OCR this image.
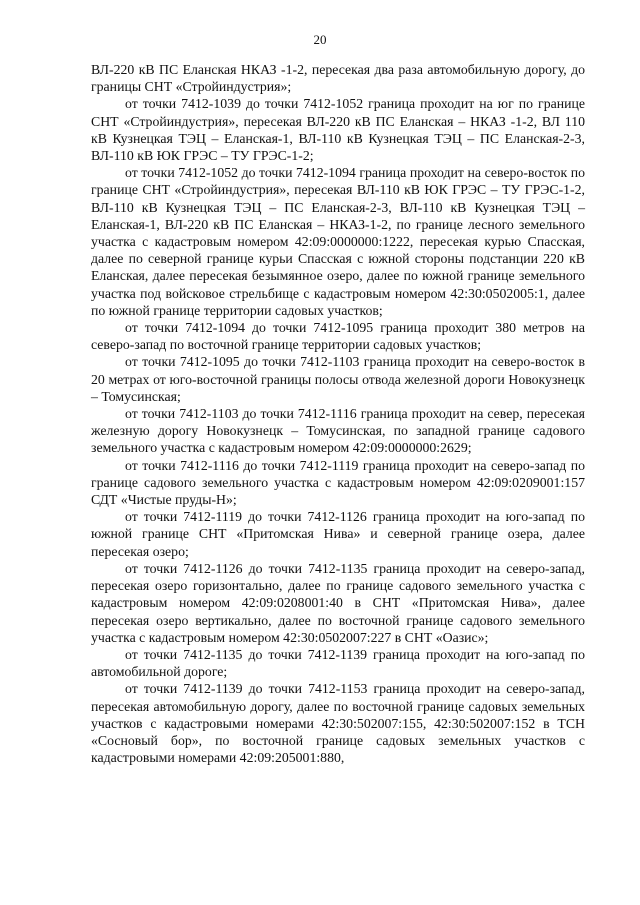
20

ВЛ-220 кВ ПС Еланская НКАЗ -1-2, пересекая два раза автомобильную дорогу, до границы СНТ «Стройиндустрия»;

от точки 7412-1039 до точки 7412-1052 граница проходит на юг по границе СНТ «Стройиндустрия», пересекая ВЛ-220 кВ ПС Еланская – НКАЗ -1-2, ВЛ 110 кВ Кузнецкая ТЭЦ – Еланская-1, ВЛ-110 кВ Кузнецкая ТЭЦ – ПС Еланская-2-3, ВЛ-110 кВ ЮК ГРЭС – ТУ ГРЭС-1-2;

от точки 7412-1052 до точки 7412-1094 граница проходит на северо-восток по границе СНТ «Стройиндустрия», пересекая ВЛ-110 кВ ЮК ГРЭС – ТУ ГРЭС-1-2, ВЛ-110 кВ Кузнецкая ТЭЦ – ПС Еланская-2-3, ВЛ-110 кВ Кузнецкая ТЭЦ – Еланская-1, ВЛ-220 кВ ПС Еланская – НКАЗ-1-2, по границе лесного земельного участка с кадастровым номером 42:09:0000000:1222, пересекая курью Спасская, далее по северной границе курьи Спасская с южной стороны подстанции 220 кВ Еланская, далее пересекая безымянное озеро, далее по южной границе земельного участка под войсковое стрельбище с кадастровым номером 42:30:0502005:1, далее по южной границе территории садовых участков;

от точки 7412-1094 до точки 7412-1095 граница проходит 380 метров на северо-запад по восточной границе территории садовых участков;

от точки 7412-1095 до точки 7412-1103 граница проходит на северо-восток в 20 метрах от юго-восточной границы полосы отвода железной дороги Новокузнецк – Томусинская;

от точки 7412-1103 до точки 7412-1116 граница проходит на север, пересекая железную дорогу Новокузнецк – Томусинская, по западной границе садового земельного участка с кадастровым номером 42:09:0000000:2629;

от точки 7412-1116 до точки 7412-1119 граница проходит на северо-запад по границе садового земельного участка с кадастровым номером 42:09:0209001:157 СДТ «Чистые пруды-Н»;

от точки 7412-1119 до точки 7412-1126 граница проходит на юго-запад по южной границе СНТ «Притомская Нива» и северной границе озера, далее пересекая озеро;

от точки 7412-1126 до точки 7412-1135 граница проходит на северо-запад, пересекая озеро горизонтально, далее по границе садового земельного участка с кадастровым номером 42:09:0208001:40 в СНТ «Притомская Нива», далее пересекая озеро вертикально, далее по восточной границе садового земельного участка с кадастровым номером 42:30:0502007:227 в СНТ «Оазис»;

от точки 7412-1135 до точки 7412-1139 граница проходит на юго-запад по автомобильной дороге;

от точки 7412-1139 до точки 7412-1153 граница проходит на северо-запад, пересекая автомобильную дорогу, далее по восточной границе садовых земельных участков с кадастровыми номерами 42:30:502007:155, 42:30:502007:152 в ТСН «Сосновый бор», по восточной границе садовых земельных участков с кадастровыми номерами 42:09:205001:880,
